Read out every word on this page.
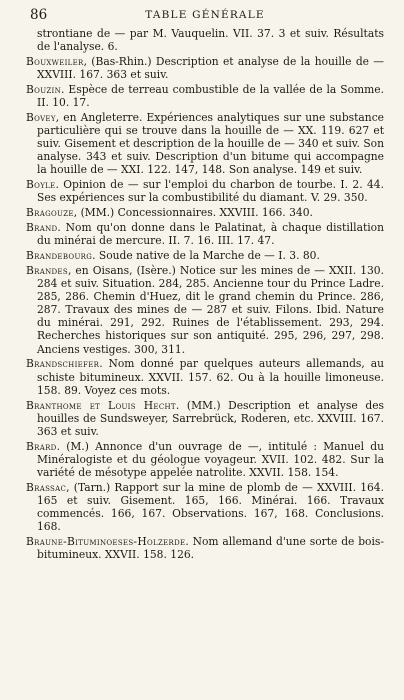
86	TABLE GÉNÉRALE

strontiane de — par M. Vauquelin. VII. 37. 3 et suiv. Résultats de l'analyse. 6.

Bouxweiler, (Bas-Rhin.) Description et analyse de la houille de — XXVIII. 167. 363 et suiv.

Bouzin. Espèce de terreau combustible de la vallée de la Somme. II. 10. 17.

Bovey, en Angleterre. Expériences analytiques sur une substance particulière qui se trouve dans la houille de — XX. 119. 627 et suiv. Gisement et description de la houille de — 340 et suiv. Son analyse. 343 et suiv. Description d'un bitume qui accompagne la houille de — XXI. 122. 147, 148. Son analyse. 149 et suiv.

Boyle. Opinion de — sur l'emploi du charbon de tourbe. I. 2. 44. Ses expériences sur la combustibilité du diamant. V. 29. 350.

Bragouze, (MM.) Concessionnaires. XXVIII. 166. 340.

Brand. Nom qu'on donne dans le Palatinat, à chaque distillation du minérai de mercure. II. 7. 16. III. 17. 47.

Brandebourg. Soude native de la Marche de — I. 3. 80.

Brandes, en Oisans, (Isère.) Notice sur les mines de — XXII. 130. 284 et suiv. Situation. 284, 285. Ancienne tour du Prince Ladre. 285, 286. Chemin d'Huez, dit le grand chemin du Prince. 286, 287. Travaux des mines de — 287 et suiv. Filons. Ibid. Nature du minérai. 291, 292. Ruines de l'établissement. 293, 294. Recherches historiques sur son antiquité. 295, 296, 297, 298. Anciens vestiges. 300, 311.

Brandschiefer. Nom donné par quelques auteurs allemands, au schiste bitumineux. XXVII. 157. 62. Ou à la houille limoneuse. 158. 89. Voyez ces mots.

Branthome et Louis Hecht. (MM.) Description et analyse des houilles de Sundsweyer, Sarrebrück, Roderen, etc. XXVIII. 167. 363 et suiv.

Brard. (M.) Annonce d'un ouvrage de —, intitulé : Manuel du Minéralogiste et du géologue voyageur. XVII. 102. 482. Sur la variété de mésotype appelée natrolite. XXVII. 158. 154.

Brassac, (Tarn.) Rapport sur la mine de plomb de — XXVIII. 164. 165 et suiv. Gisement. 165, 166. Minérai. 166. Travaux commencés. 166, 167. Observations. 167, 168. Conclusions. 168.

Braune-Bituminoeses-Holzerde. Nom allemand d'une sorte de bois-bitumineux. XXVII. 158. 126.
